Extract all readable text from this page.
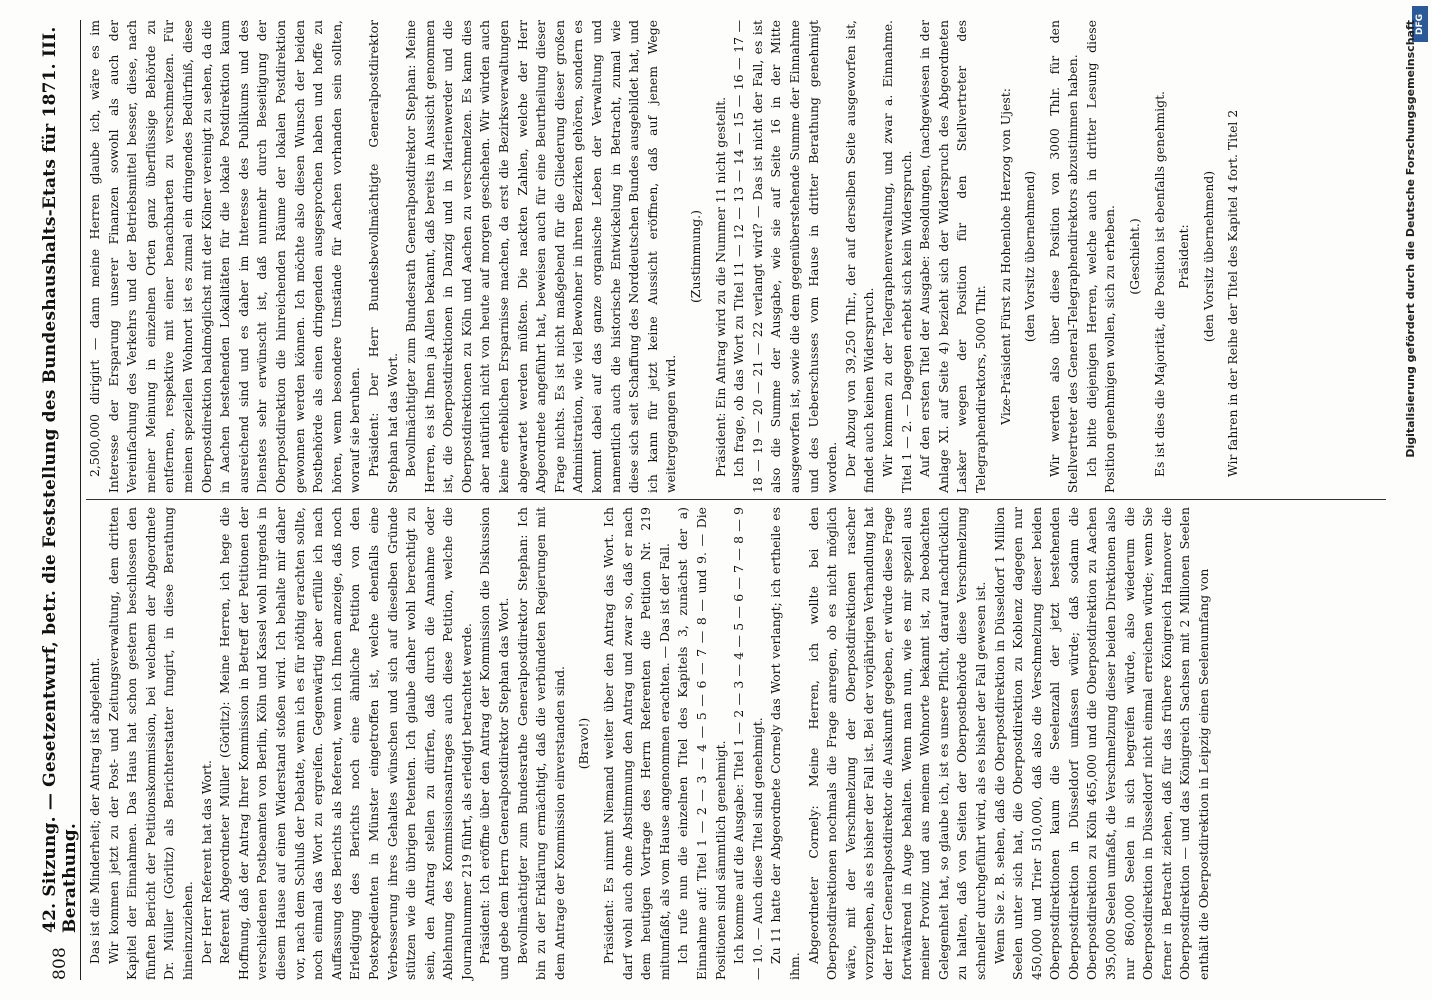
808
42. Sitzung. — Gesetzentwurf, betr. die Feststellung des Bundeshaushalts-Etats für 1871. III. Berathung. Das ist die Minderheit; der Antrag ist abgelehnt. Wir kommen jetzt zu der Post- und Zeitungsverwaltung, dem dritten Kapitel der Einnahmen. Das Haus hat schon gestern beschlossen den fünften Bericht der Petitionskommission, bei welchem der Abgeordnete Dr. Müller (Görlitz) als Berichterstatter fungirt, in diese Berathung hineinzuziehen. Der Herr Referent hat das Wort. Referent Abgeordneter Müller (Görlitz): Meine Herren, ich hege die Hoffnung, daß der Antrag Ihrer Kommission in Betreff der Petitionen der verschiedenen Postbeamten von Berlin, Köln und Kassel wohl nirgends in diesem Hause auf einen Widerstand stoßen wird. Ich behalte mir daher vor, nach dem Schluß der Debatte, wenn ich es für nöthig erachten sollte, noch einmal das Wort zu ergreifen. Gegenwärtig aber erfülle ich nach Auffassung des Berichts als Referent, wenn ich Ihnen anzeige, daß noch Erledigung des Berichts noch eine ähnliche Petition von den Postexpedienten in Münster eingetroffen ist, welche ebenfalls eine Verbesserung ihres Gehaltes wünschen und sich auf dieselben Gründe stützen wie die übrigen Petenten. Ich glaube daher wohl berechtigt zu sein, den Antrag stellen zu dürfen, daß durch die Annahme oder Ablehnung des Kommissionsantrages auch diese Petition, welche die Journalnummer 219 führt, als erledigt betrachtet werde. Präsident: Ich eröffne über den Antrag der Kommission die Diskussion und gebe dem Herrn Generalpostdirektor Stephan das Wort. Bevollmächtigter zum Bundesrathe Generalpostdirektor Stephan: Ich bin zu der Erklärung ermächtigt, daß die verbündeten Regierungen mit dem Antrage der Kommission einverstanden sind. (Bravo!) Präsident: Es nimmt Niemand weiter über den Antrag das Wort. Ich darf wohl auch ohne Abstimmung den Antrag und zwar so, daß er nach dem heutigen Vortrage des Herrn Referenten die Petition Nr. 219 mitumfaßt, als vom Hause angenommen erachten. — Das ist der Fall. Ich rufe nun die einzelnen Titel des Kapitels 3, zunächst der a) Einnahme auf: Titel 1 — 2 — 3 — 4 — 5 — 6 — 7 — 8 — und 9. — Die Positionen sind sämmtlich genehmigt. Ich komme auf die Ausgabe: Titel 1 — 2 — 3 — 4 — 5 — 6 — 7 — 8 — 9 — 10. — Auch diese Titel sind genehmigt. Zu 11 hatte der Abgeordnete Cornely das Wort verlangt; ich ertheile es ihm.

Abgeordneter Cornely: Meine Herren, ich wollte bei den Oberpostdirektionen nochmals die Frage anregen, ob es nicht möglich wäre, mit der Verschmelzung der Oberpostdirektionen rascher vorzugehen, als es bisher der Fall ist. Bei der vorjährigen Verhandlung hat der Herr Generalpostdirektor die Auskunft gegeben, er würde diese Frage fortwährend in Auge behalten. Wenn man nun, wie es mir speziell aus meiner Provinz und aus meinem Wohnorte bekannt ist, zu beobachten Gelegenheit hat, so glaube ich, ist es unsere Pflicht, darauf nachdrücklich zu halten, daß von Seiten der Oberpostbehörde diese Verschmelzung schneller durchgeführt wird, als es bisher der Fall gewesen ist. Wenn Sie z. B. sehen, daß die Oberpostdirektion in Düsseldorf 1 Million Seelen unter sich hat, die Oberpostdirektion zu Koblenz dagegen nur 450,000 und Trier 510,000, daß also die Verschmelzung dieser beiden Oberpostdirektionen kaum die Seelenzahl der jetzt bestehenden Oberpostdirektion in Düsseldorf umfassen würde; daß sodann die Oberpostdirektion zu Köln 465,000 und die Oberpostdirektion zu Aachen 395,000 Seelen umfaßt, die Verschmelzung dieser beiden Direktionen also nur 860,000 Seelen in sich begreifen würde, also wiederum die Oberpostdirektion in Düsseldorf nicht einmal erreichen würde; wenn Sie ferner in Betracht ziehen, daß für das frühere Königreich Hannover die Oberpostdirektion — und das Königreich Sachsen mit 2 Millionen Seelen enthält die Oberpostdirektion in Leipzig einen Seelenumfang von

2,500,000 dirigirt — dann meine Herren glaube ich, wäre es im Interesse der Ersparung unserer Finanzen sowohl als auch der Vereinfachung des Verkehrs und der Betriebsmittel besser, diese, nach meiner Meinung in einzelnen Orten ganz überflüssige Behörde zu entfernen, respektive mit einer benachbarten zu verschmelzen. Für meinen speziellen Wohnort ist es zumal ein dringendes Bedürfniß, diese Oberpostdirektion baldmöglichst mit der Kölner vereinigt zu sehen, da die in Aachen bestehenden Lokalitäten für die lokale Postdirektion kaum ausreichend sind und es daher im Interesse des Publikums und des Dienstes sehr erwünscht ist, daß nunmehr durch Beseitigung der Oberpostdirektion die hinreichenden Räume der lokalen Postdirektion gewonnen werden können. Ich möchte also diesen Wunsch der beiden Postbehörde als einen dringenden ausgesprochen haben und hoffe zu hören, wenn besondere Umstände für Aachen vorhanden sein sollten, worauf sie beruhen. Präsident: Der Herr Bundesbevollmächtigte Generalpostdirektor Stephan hat das Wort. Bevollmächtigter zum Bundesrath Generalpostdirektor Stephan: Meine Herren, es ist Ihnen ja Allen bekannt, daß bereits in Aussicht genommen ist, die Oberpostdirektionen in Danzig und in Marienwerder und die Oberpostdirektionen zu Köln und Aachen zu verschmelzen. Es kann dies aber natürlich nicht von heute auf morgen geschehen. Wir würden auch keine erheblichen Ersparnisse machen, da erst die Bezirksverwaltungen abgewartet werden müßten. Die nackten Zahlen, welche der Herr Abgeordnete angeführt hat, beweisen auch für eine Beurtheilung dieser Frage nichts. Es ist nicht maßgebend für die Gliederung dieser großen Administration, wie viel Bewohner in ihren Bezirken gehören, sondern es kommt dabei auf das ganze organische Leben der Verwaltung und namentlich auch die historische Entwickelung in Betracht, zumal wie diese sich seit Schaffung des Norddeutschen Bundes ausgebildet hat, und ich kann für jetzt keine Aussicht eröffnen, daß auf jenem Wege weitergegangen wird.

(Zustimmung.) Präsident: Ein Antrag wird zu die Nummer 11 nicht gestellt. Ich frage, ob das Wort zu Titel 11 — 12 — 13 — 14 — 15 — 16 — 17 — 18 — 19 — 20 — 21 — 22 verlangt wird? — Das ist nicht der Fall, es ist also die Summe der Ausgabe, wie sie auf Seite 16 in der Mitte ausgeworfen ist, sowie die dem gegenüberstehende Summe der Einnahme und des Ueberschusses vom Hause in dritter Berathung genehmigt worden. Der Abzug von 39,250 Thlr., der auf derselben Seite ausgeworfen ist, findet auch keinen Widerspruch. Wir kommen zu der Telegraphenverwaltung, und zwar a. Einnahme. Titel 1 — 2. — Dagegen erhebt sich kein Widerspruch. Auf den ersten Titel der Ausgabe: Besoldungen, (nachgewiesen in der Anlage XI. auf Seite 4) bezieht sich der Widerspruch des Abgeordneten Lasker wegen der Position für den Stellvertreter des Telegraphendirektors, 5000 Thlr. Vize-Präsident Fürst zu Hohenlohe Herzog von Ujest: (den Vorsitz übernehmend) Wir werden also über diese Position von 3000 Thlr. für den Stellvertreter des General-Telegraphendirektors abzustimmen haben. Ich bitte diejenigen Herren, welche auch in dritter Lesung diese Position genehmigen wollen, sich zu erheben. (Geschieht.) Es ist dies die Majorität, die Position ist ebenfalls genehmigt. Präsident: (den Vorsitz übernehmend) Wir fahren in der Reihe der Titel des Kapitel 4 fort. Titel 2

DFG
Digitalisierung gefördert durch die Deutsche Forschungsgemeinschaft
